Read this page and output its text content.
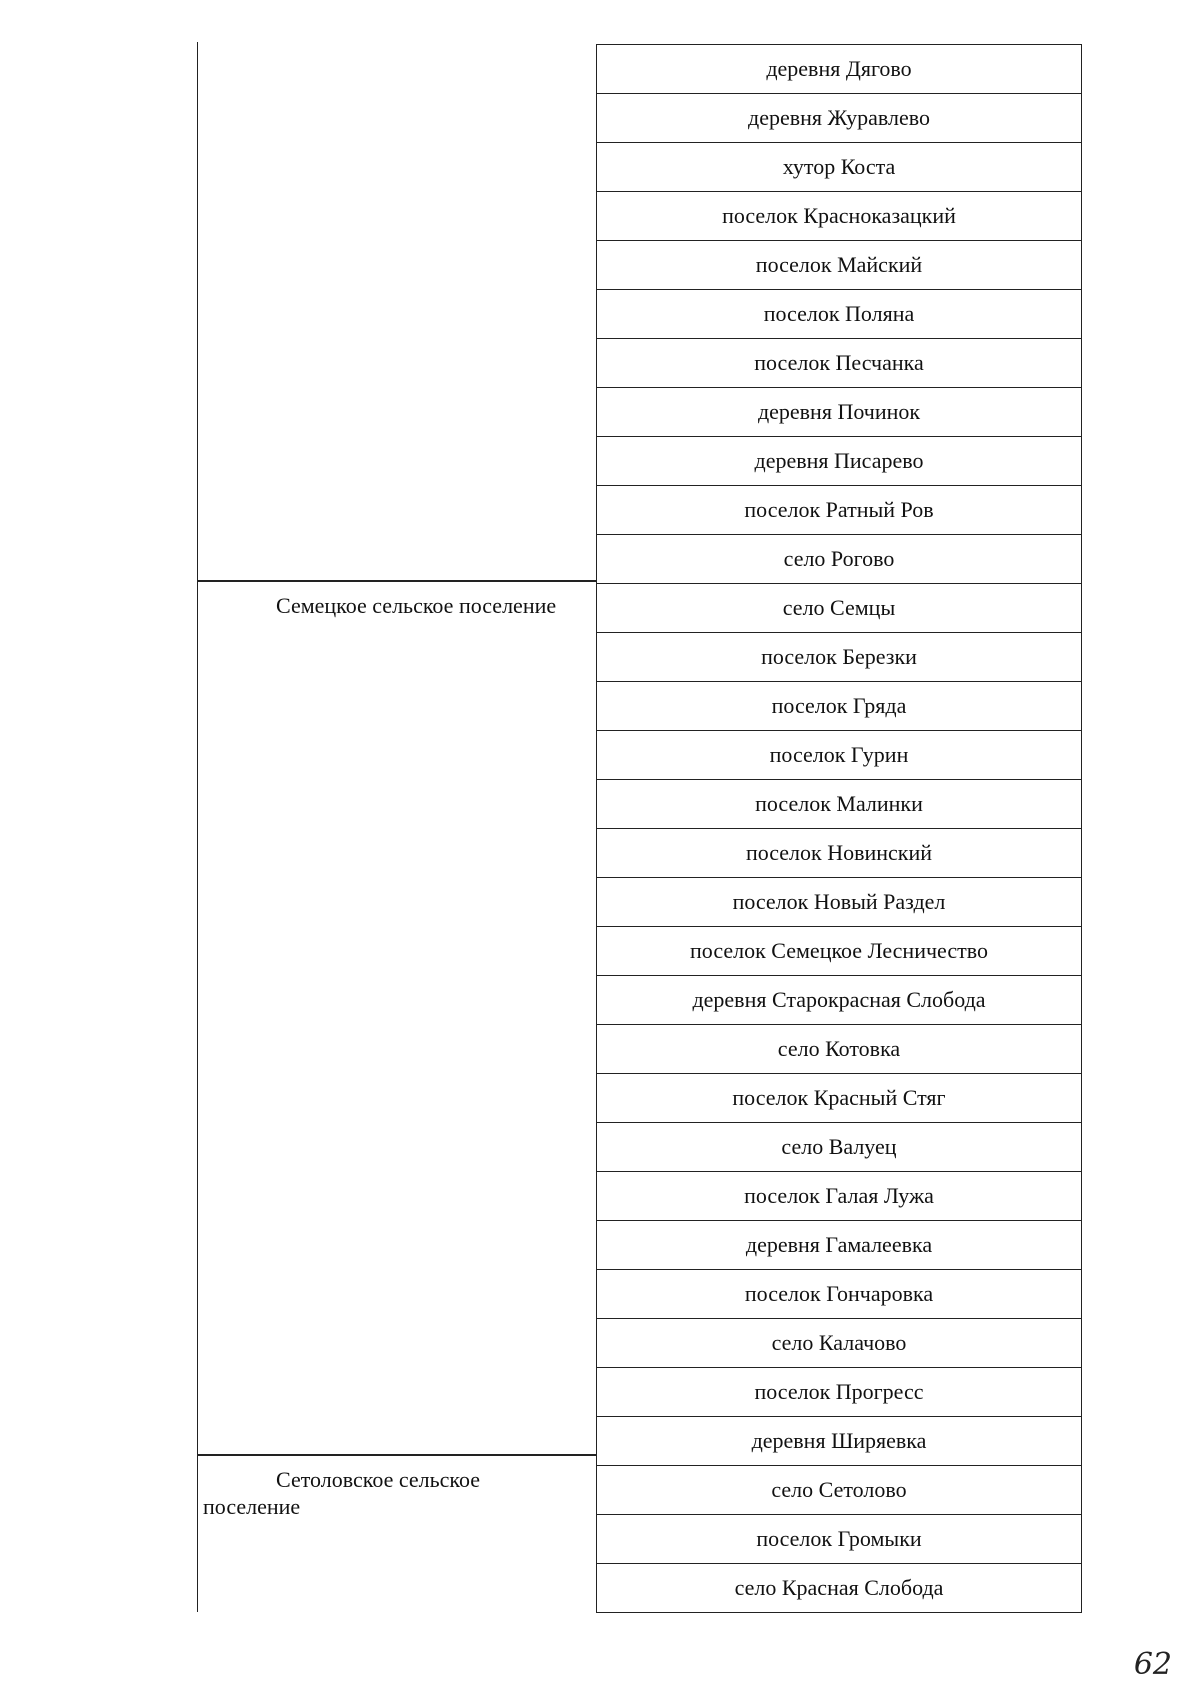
Семецкое сельское поселение
Сетоловское сельское поселение
деревня Дягово
деревня Журавлево
хутор Коста
поселок Красноказацкий
поселок Майский
поселок Поляна
поселок Песчанка
деревня Починок
деревня Писарево
поселок Ратный Ров
село Рогово
село Семцы
поселок Березки
поселок Гряда
поселок Гурин
поселок Малинки
поселок Новинский
поселок Новый Раздел
поселок Семецкое Лесничество
деревня Старокрасная Слобода
село Котовка
поселок Красный Стяг
село Валуец
поселок Галая Лужа
деревня Гамалеевка
поселок Гончаровка
село Калачово
поселок Прогресс
деревня Ширяевка
село Сетолово
поселок Громыки
село Красная Слобода
62
